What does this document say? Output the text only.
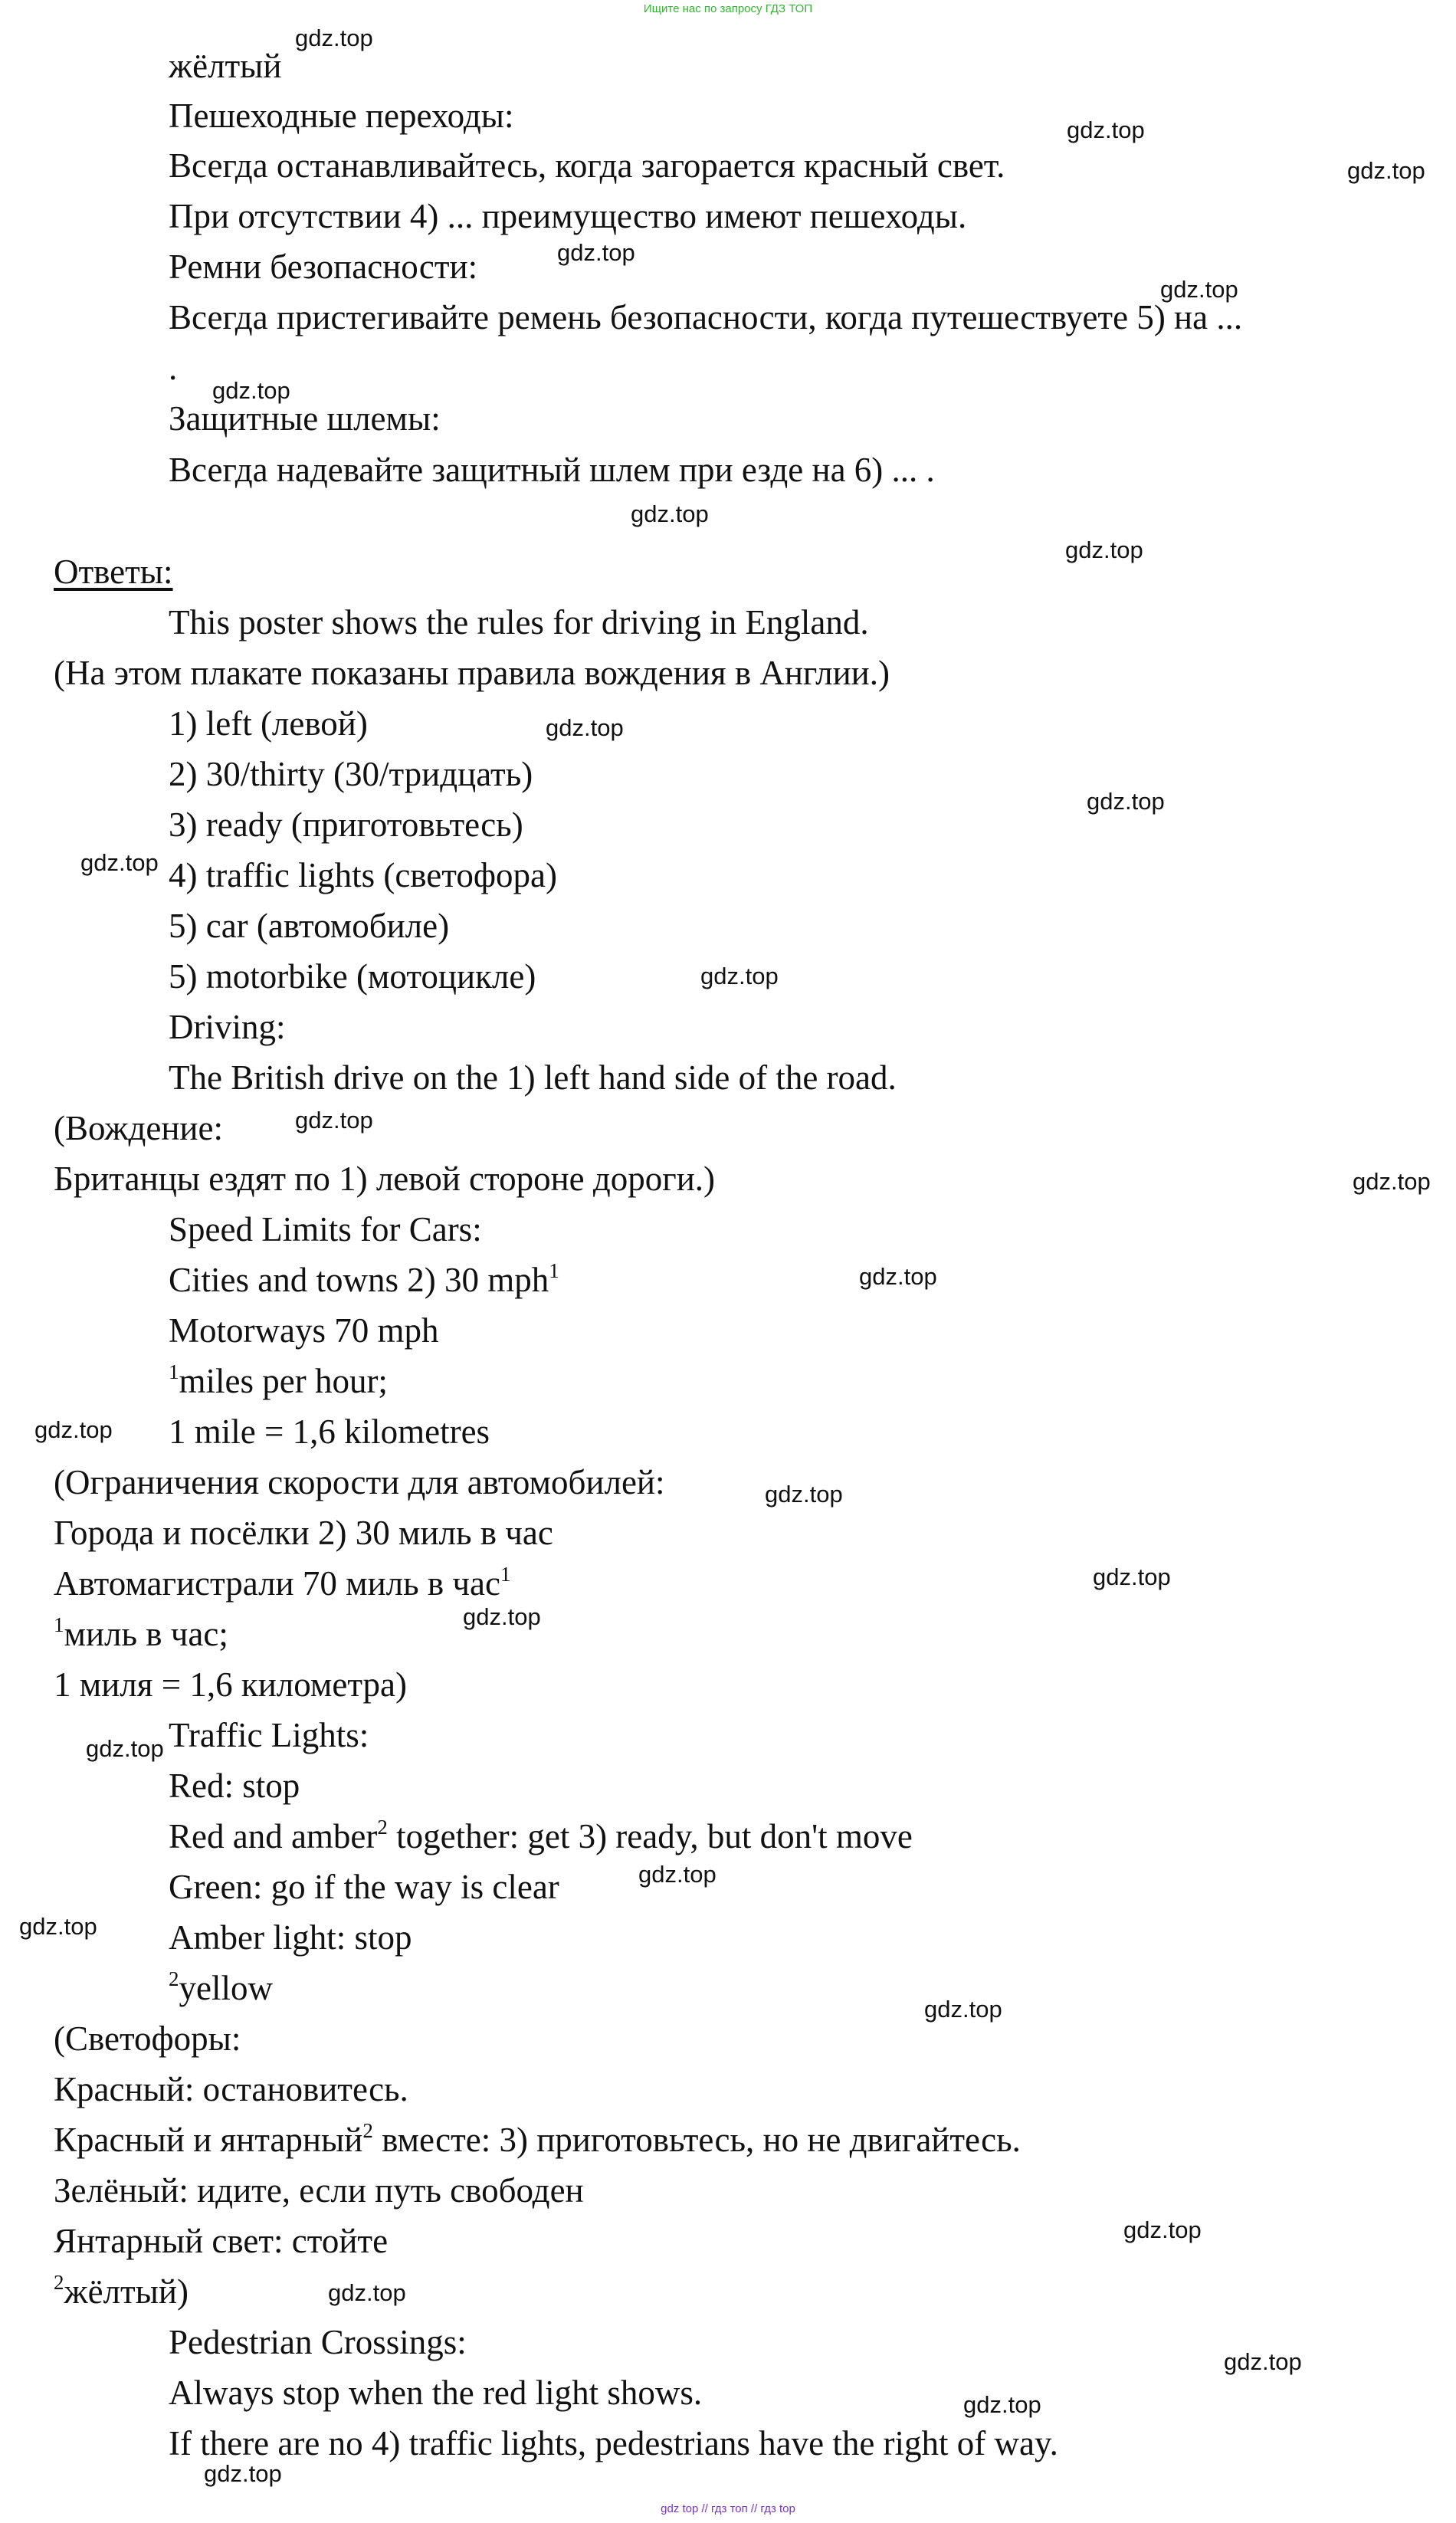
Ищите нас по запросу ГДЗ ТОП
жёлтый
Пешеходные переходы:
Всегда останавливайтесь, когда загорается красный свет.
При отсутствии 4) ... преимущество имеют пешеходы.
Ремни безопасности:
Всегда пристегивайте ремень безопасности, когда путешествуете 5) на ...
.
Защитные шлемы:
Всегда надевайте защитный шлем при езде на 6) ... .
Ответы:
This poster shows the rules for driving in England.
(На этом плакате показаны правила вождения в Англии.)
1) left (левой)
2) 30/thirty (30/тридцать)
3) ready (приготовьтесь)
4) traffic lights (светофора)
5) car (автомобиле)
5) motorbike (мотоцикле)
Driving:
The British drive on the 1) left hand side of the road.
(Вождение:
Британцы ездят по 1) левой стороне дороги.)
Speed Limits for Cars:
Cities and towns 2) 30 mph$^1$
Motorways 70 mph
$^1$miles per hour;
1 mile = 1,6 kilometres
(Ограничения скорости для автомобилей:
Города и посёлки 2) 30 миль в час
Автомагистрали 70 миль в час$^1$
$^1$миль в час;
1 миля = 1,6 километра)
Traffic Lights:
Red: stop
Red and amber$^2$ together: get 3) ready, but don't move
Green: go if the way is clear
Amber light: stop
$^2$yellow
(Светофоры:
Красный: остановитесь.
Красный и янтарный$^2$ вместе: 3) приготовьтесь, но не двигайтесь.
Зелёный: идите, если путь свободен
Янтарный свет: стойте
$^2$жёлтый)
Pedestrian Crossings:
Always stop when the red light shows.
If there are no 4) traffic lights, pedestrians have the right of way.
gdz.top
gdz.top
gdz.top
gdz.top
gdz.top
gdz.top
gdz.top
gdz.top
gdz.top
gdz.top
gdz.top
gdz.top
gdz.top
gdz.top
gdz.top
gdz.top
gdz.top
gdz.top
gdz.top
gdz.top
gdz.top
gdz.top
gdz.top
gdz.top
gdz.top
gdz.top
gdz.top
gdz.top
gdz top // гдз топ // гдз top
